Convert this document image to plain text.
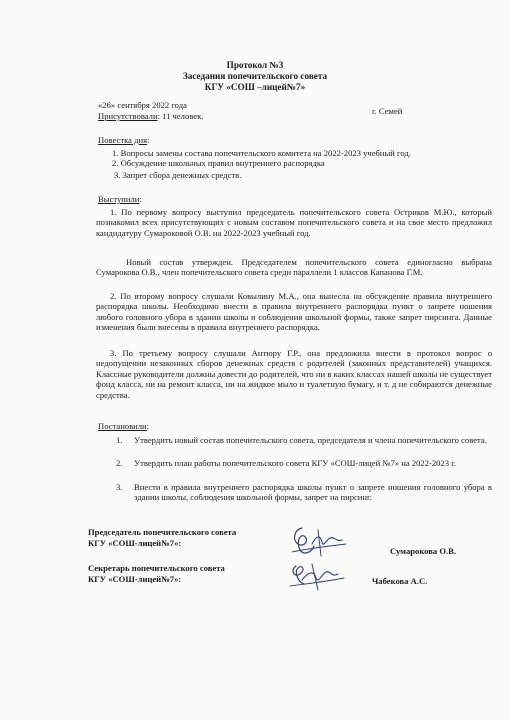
Протокол №3
Заседания попечительского совета
КГУ «СОШ –лицей№7»
«26» сентября 2022 года
Присутствовали: 11 человек.	г. Семей
Повестка дня:
1. Вопросы замены состава попечительского комитета на 2022-2023 учебный год.
2. Обсуждение школьных правил внутреннего распорядка
3. Запрет сбора денежных средств.
Выступили:
1. По первому вопросу выступил председатель попечительского совета Остриков М.Ю., который познакомил всех присутствующих с новым составом попечительского совета и на свое место предложил кандидатуру Сумароковой О.В. на 2022-2023 учебный год.
Новый состав утвержден. Председателем попечительского совета единогласно выбрана Сумарокова О.В., член попечительского совета среди параллели 1 классов Капанова Г.М.
2. По второму вопросу слушали Ковылину М.А., она вынесла на обсуждение правила внутреннего распорядка школы. Необходимо внести в правила внутреннего распорядка пункт о запрете ношения любого головного убора в здании школы и соблюдения школьной формы, также запрет пирсинга. Данные изменения были внесены в правила внутреннего распорядка.
3. По третьему вопросу слушали Антюру Г.Р., она предложила внести в протокол вопрос о недопущении незаконных сборов денежных средств с родителей (законных представителей) учащихся. Классные руководители должны довести до родителей, что ни в каких классах нашей школы не существует фонд класса, ни на ремонт класса, ни на жидкое мыло и туалетную бумагу, и т. д не собираются денежные средства.
Постановили:
1. Утвердить новый состав попечительского совета, председателя и члена попечительского совета.
2. Утвердить план работы попечительского совета КГУ «СОШ-лицей №7» на 2022-2023 г.
3. Внести в правила внутреннего распорядка школы пункт о запрете ношения головного убора в здании школы, соблюдения школьной формы, запрет на пирсинг.
Председатель попечительского совета
КГУ «СОШ-лицей№7»:
Сумарокова О.В.
Секретарь попечительского совета
КГУ «СОШ-лицей№7»:	Чабекова А.С.
